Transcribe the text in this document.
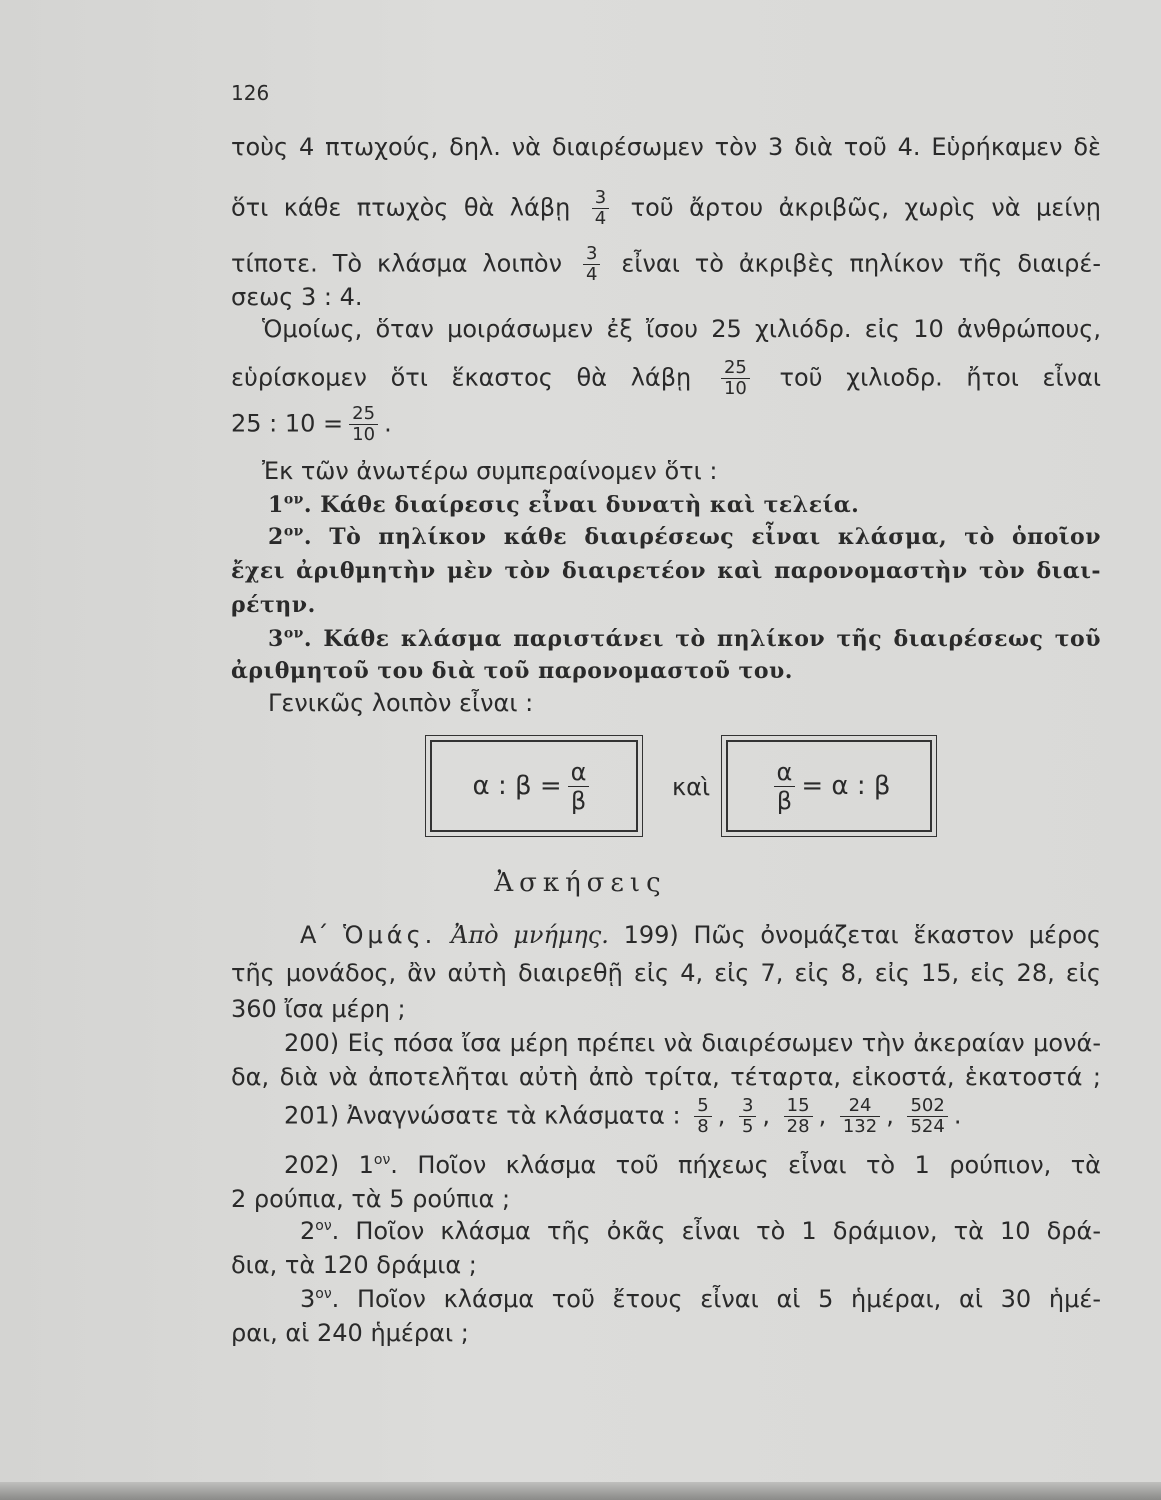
126
τοὺς 4 πτωχούς, δηλ. νὰ διαιρέσωμεν τὸν 3 διὰ τοῦ 4. Εὑρήκαμεν δὲ
ὅτι κάθε πτωχὸς θὰ λάβῃ $\frac{3}{4}$ τοῦ ἄρτου ἀκριβῶς, χωρὶς νὰ μείνῃ
τίποτε. Τὸ κλάσμα λοιπὸν $\frac{3}{4}$ εἶναι τὸ ἀκριβὲς πηλίκον τῆς διαιρέ-
σεως 3 : 4.
Ὁμοίως, ὅταν μοιράσωμεν ἐξ ἴσου 25 χιλιόδρ. εἰς 10 ἀνθρώπους,
εὑρίσκομεν ὅτι ἕκαστος θὰ λάβῃ $\frac{25}{10}$ τοῦ χιλιοδρ. ἤτοι εἶναι
25 : $10 = \frac{25}{10}$ .
Ἐκ τῶν ἀνωτέρω συμπεραίνομεν ὅτι :
$1^{o\nu}$. Κάθε διαίρεσις εἶναι δυνατὴ καὶ τελεία.
$2^{o\nu}$. Τὸ πηλίκον κάθε διαιρέσεως εἶναι κλάσμα, τὸ ὁποῖον
ἔχει ἀριθμητὴν μὲν τὸν διαιρετέον καὶ παρονομαστὴν τὸν διαι-
ρέτην.
$3^{o\nu}$. Κάθε κλάσμα παριστάνει τὸ πηλίκον τῆς διαιρέσεως τοῦ
ἀριθμητοῦ του διὰ τοῦ παρονομαστοῦ του.
Γενικῶς λοιπὸν εἶναι :
α : $\beta = \frac{\alpha}{\beta}$	καὶ	$\frac{\alpha}{\beta} = \alpha$ : β
Ἀσκήσεις
Α΄ Ὁμάς. Ἀπὸ μνήμης. 199) Πῶς ὀνομάζεται ἕκαστον μέρος
τῆς μονάδος, ἂν αὐτὴ διαιρεθῇ εἰς 4, εἰς 7, εἰς 8, εἰς 15, εἰς 28, εἰς
360 ἴσα μέρη ;
200) Εἰς πόσα ἴσα μέρη πρέπει νὰ διαιρέσωμεν τὴν ἀκεραίαν μονά-
δα, διὰ νὰ ἀποτελῆται αὐτὴ ἀπὸ τρίτα, τέταρτα, εἰκοστά, ἑκατοστά ;
201) Ἀναγνώσατε τὰ κλάσματα : $\frac{5}{8}$ , $\frac{3}{5}$ , $\frac{15}{28}$ , $\frac{24}{132}$ , $\frac{502}{524}$ .
202) $1^{o\nu}$. Ποῖον κλάσμα τοῦ πήχεως εἶναι τὸ 1 ρούπιον, τὰ
2 ρούπια, τὰ 5 ρούπια ;
$2^{o\nu}$. Ποῖον κλάσμα τῆς ὀκᾶς εἶναι τὸ 1 δράμιον, τὰ 10 δρά-
δια, τὰ 120 δράμια ;
$3^{o\nu}$. Ποῖον κλάσμα τοῦ ἔτους εἶναι αἱ 5 ἡμέραι, αἱ 30 ἡμέ-
ραι, αἱ 240 ἡμέραι ;
